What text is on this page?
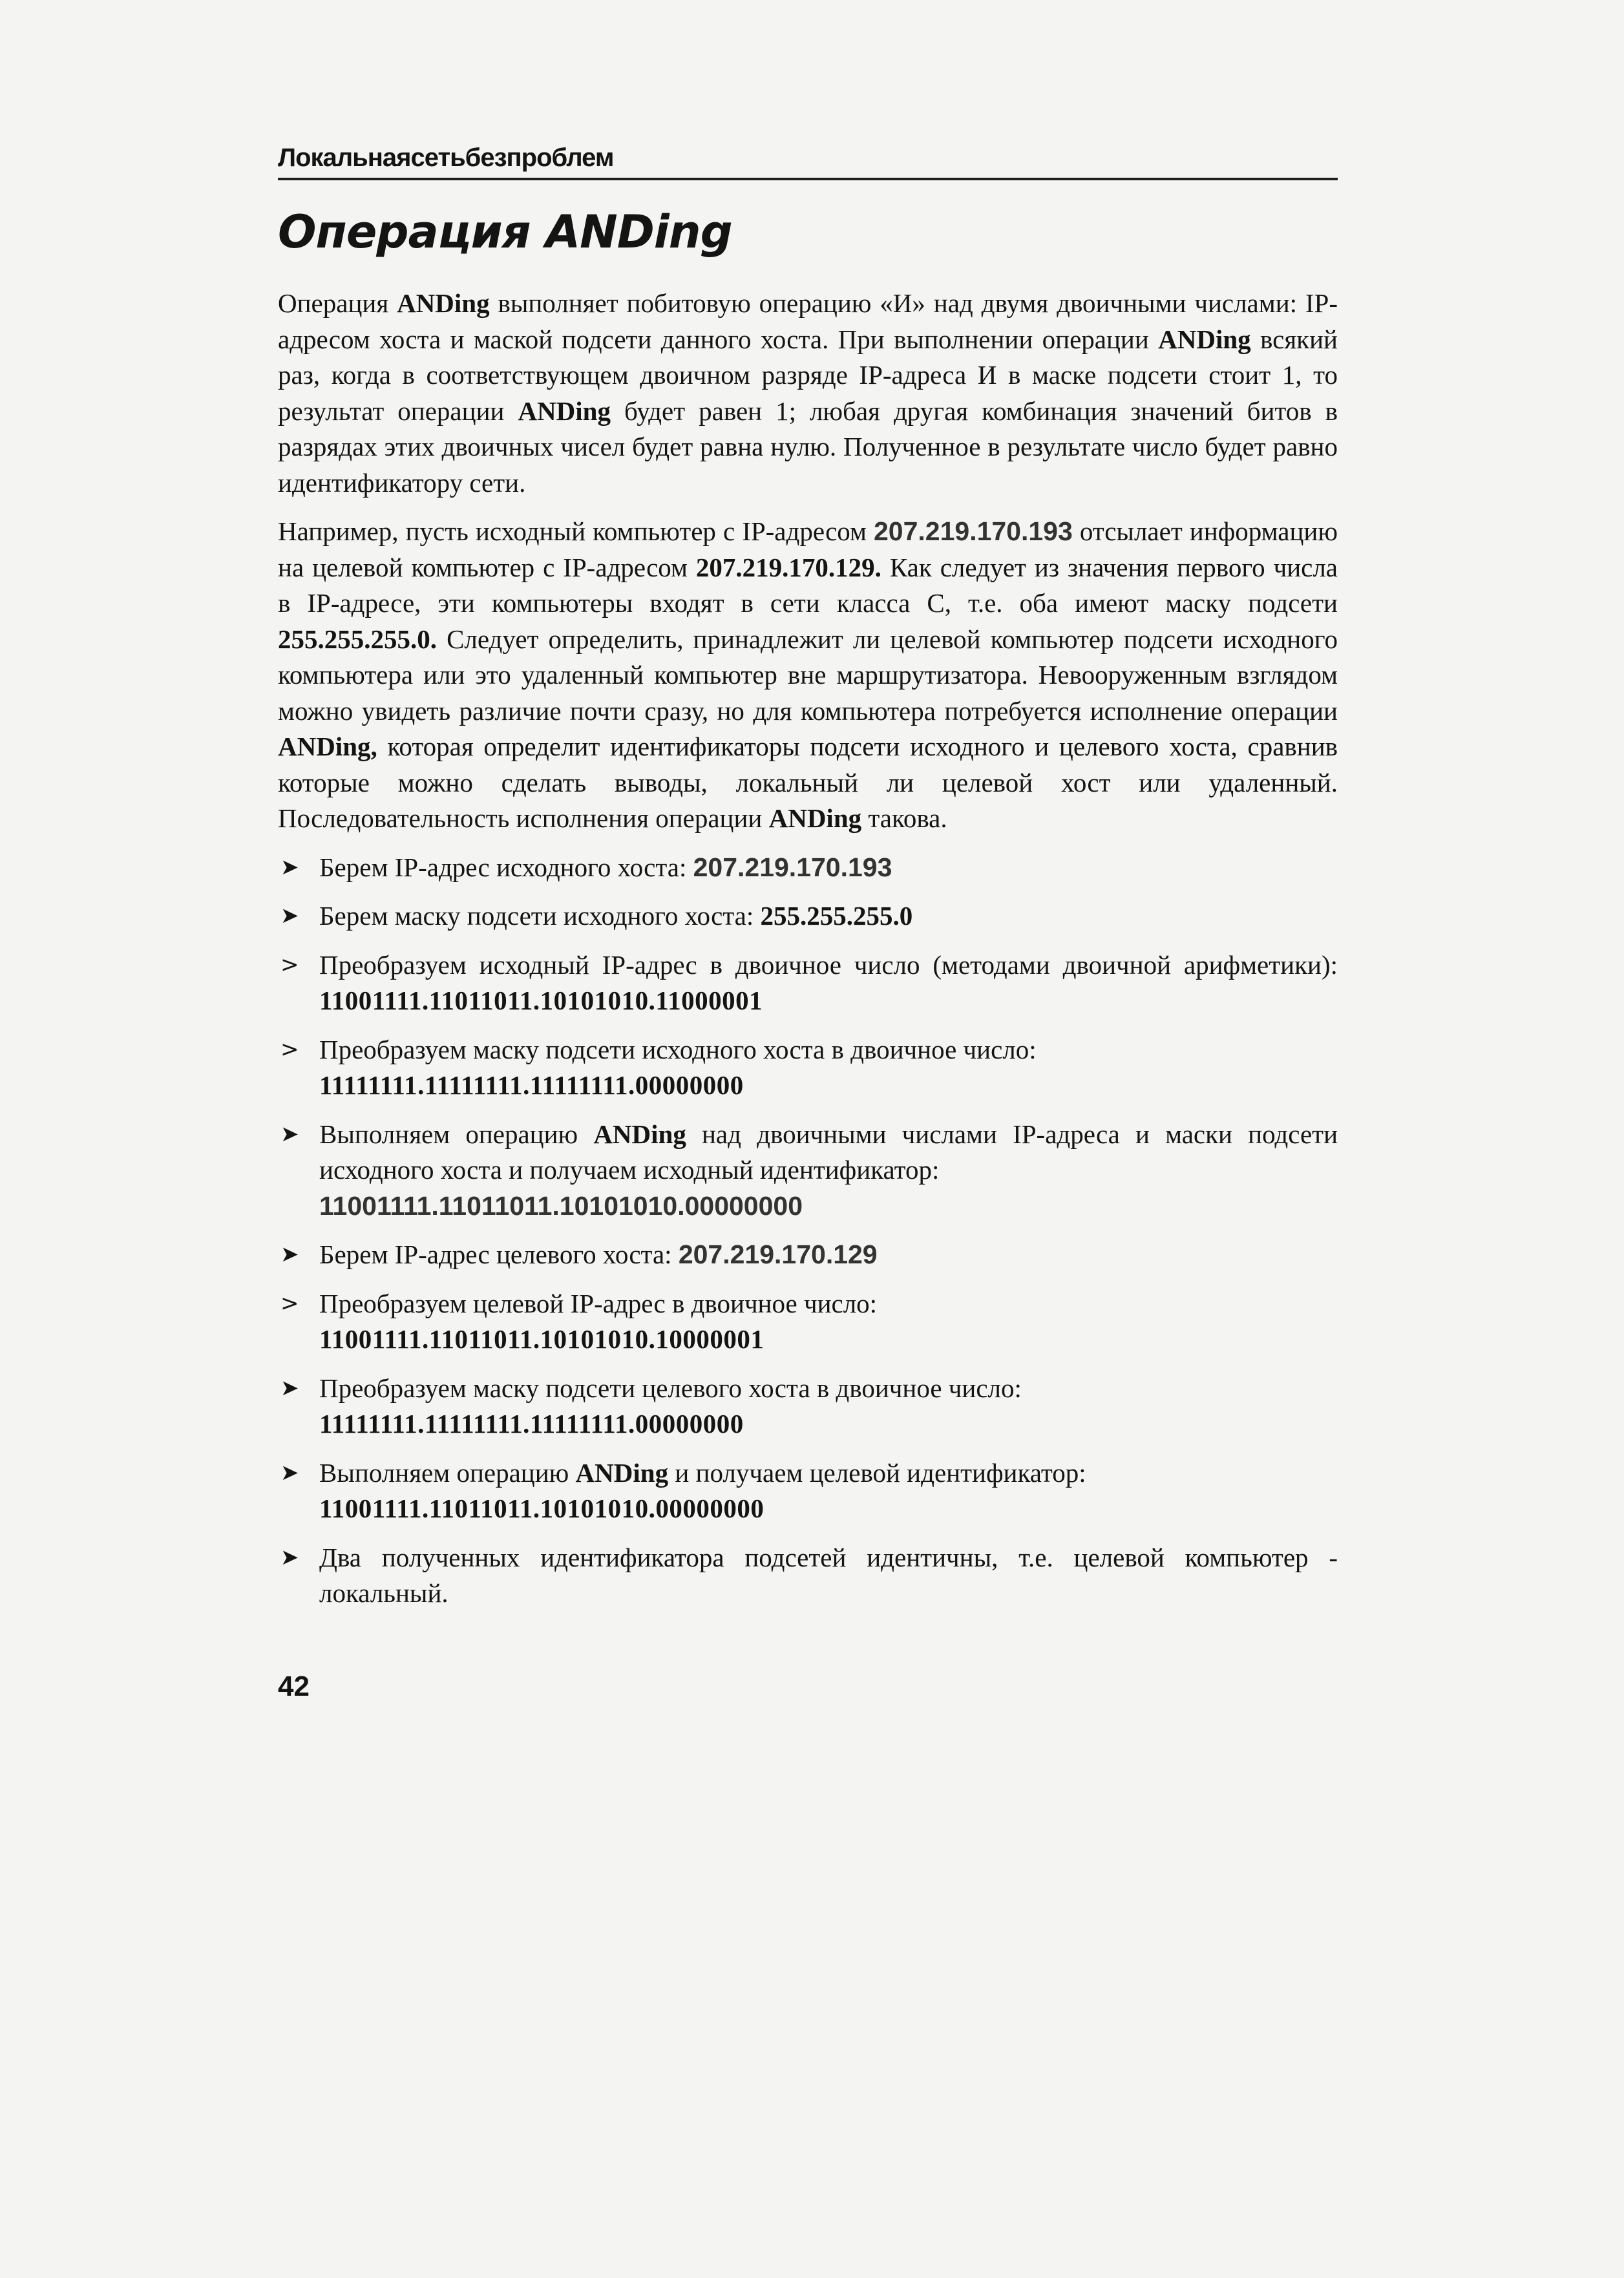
Локальнаясетьбезпроблем
Операция ANDing

Операция ANDing выполняет побитовую операцию «И» над двумя двоичными числами: IP-адресом хоста и маской подсети данного хоста. При выполнении операции ANDing всякий раз, когда в соответствующем двоичном разряде IP-адреса И в маске подсети стоит 1, то результат операции ANDing будет равен 1; любая другая комбинация значений битов в разрядах этих двоичных чисел будет равна нулю. Полученное в результате число будет равно идентификатору сети.

Например, пусть исходный компьютер с IP-адресом 207.219.170.193 отсылает информацию на целевой компьютер с IP-адресом 207.219.170.129. Как следует из значения первого числа в IP-адресе, эти компьютеры входят в сети класса С, т.е. оба имеют маску подсети 255.255.255.0. Следует определить, принадлежит ли целевой компьютер подсети исходного компьютера или это удаленный компьютер вне маршрутизатора. Невооруженным взглядом можно увидеть различие почти сразу, но для компьютера потребуется исполнение операции ANDing, которая определит идентификаторы подсети исходного и целевого хоста, сравнив которые можно сделать выводы, локальный ли целевой хост или удаленный. Последовательность исполнения операции ANDing такова.

➤ Берем IP-адрес исходного хоста: 207.219.170.193
➤ Берем маску подсети исходного хоста: 255.255.255.0
> Преобразуем исходный IP-адрес в двоичное число (методами двоичной арифметики): 11001111.11011011.10101010.11000001
> Преобразуем маску подсети исходного хоста в двоичное число:
11111111.11111111.11111111.00000000
➤ Выполняем операцию ANDing над двоичными числами IP-адреса и маски подсети исходного хоста и получаем исходный идентификатор:
11001111.11011011.10101010.00000000
➤ Берем IP-адрес целевого хоста: 207.219.170.129
> Преобразуем целевой IP-адрес в двоичное число:
11001111.11011011.10101010.10000001
➤ Преобразуем маску подсети целевого хоста в двоичное число:
11111111.11111111.11111111.00000000
➤ Выполняем операцию ANDing и получаем целевой идентификатор:
11001111.11011011.10101010.00000000
➤ Два полученных идентификатора подсетей идентичны, т.е. целевой компьютер - локальный.
42
